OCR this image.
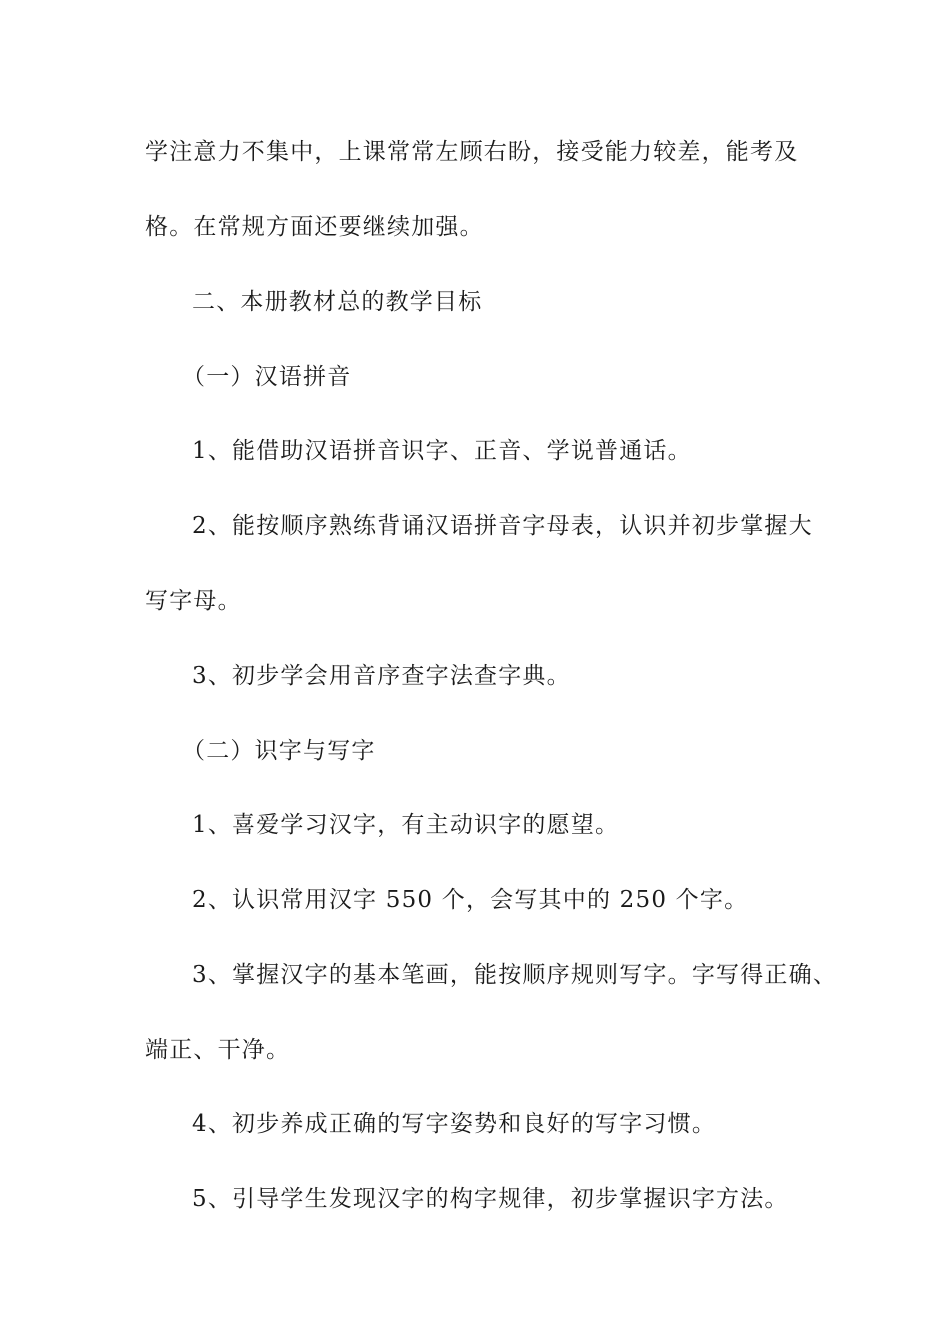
学注意力不集中，上课常常左顾右盼，接受能力较差，能考及

格。在常规方面还要继续加强。

二、本册教材总的教学目标

（一）汉语拼音

1、能借助汉语拼音识字、正音、学说普通话。

2、能按顺序熟练背诵汉语拼音字母表，认识并初步掌握大

写字母。

3、初步学会用音序查字法查字典。

（二）识字与写字

1、喜爱学习汉字，有主动识字的愿望。

2、认识常用汉字 550 个，会写其中的 250 个字。

3、掌握汉字的基本笔画，能按顺序规则写字。字写得正确、

端正、干净。

4、初步养成正确的写字姿势和良好的写字习惯。

5、引导学生发现汉字的构字规律，初步掌握识字方法。
